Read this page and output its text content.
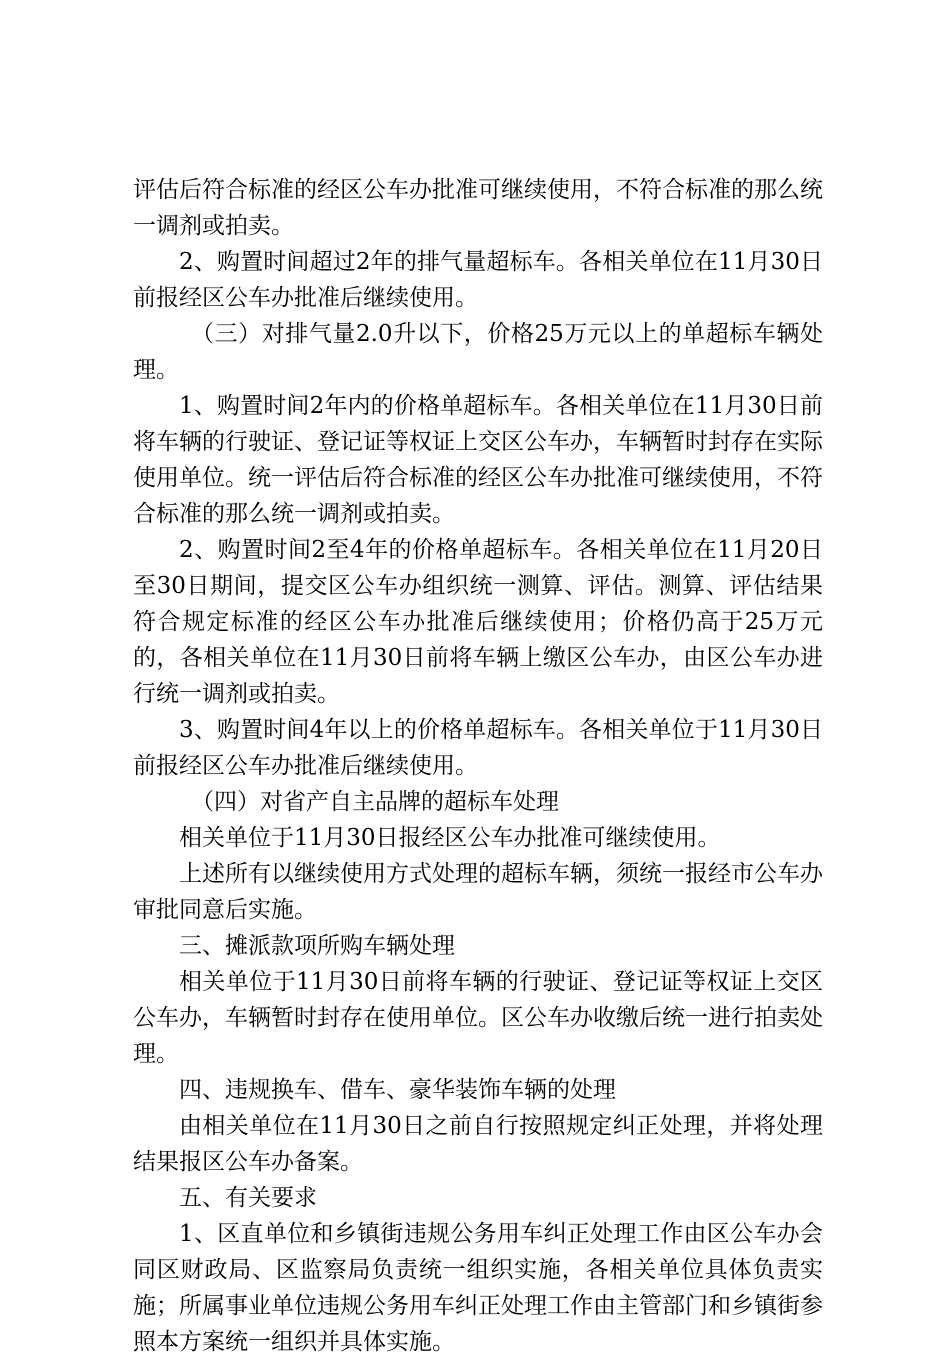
评估后符合标准的经区公车办批准可继续使用，不符合标准的那么统一调剂或拍卖。

2、购置时间超过2年的排气量超标车。各相关单位在11月30日前报经区公车办批准后继续使用。

（三）对排气量2.0升以下，价格25万元以上的单超标车辆处理。

1、购置时间2年内的价格单超标车。各相关单位在11月30日前将车辆的行驶证、登记证等权证上交区公车办，车辆暂时封存在实际使用单位。统一评估后符合标准的经区公车办批准可继续使用，不符合标准的那么统一调剂或拍卖。

2、购置时间2至4年的价格单超标车。各相关单位在11月20日至30日期间，提交区公车办组织统一测算、评估。测算、评估结果符合规定标准的经区公车办批准后继续使用；价格仍高于25万元的，各相关单位在11月30日前将车辆上缴区公车办，由区公车办进行统一调剂或拍卖。

3、购置时间4年以上的价格单超标车。各相关单位于11月30日前报经区公车办批准后继续使用。

（四）对省产自主品牌的超标车处理

相关单位于11月30日报经区公车办批准可继续使用。

上述所有以继续使用方式处理的超标车辆，须统一报经市公车办审批同意后实施。

三、摊派款项所购车辆处理

相关单位于11月30日前将车辆的行驶证、登记证等权证上交区公车办，车辆暂时封存在使用单位。区公车办收缴后统一进行拍卖处理。

四、违规换车、借车、豪华装饰车辆的处理

由相关单位在11月30日之前自行按照规定纠正处理，并将处理结果报区公车办备案。

五、有关要求

1、区直单位和乡镇街违规公务用车纠正处理工作由区公车办会同区财政局、区监察局负责统一组织实施，各相关单位具体负责实施；所属事业单位违规公务用车纠正处理工作由主管部门和乡镇街参照本方案统一组织并具体实施。
